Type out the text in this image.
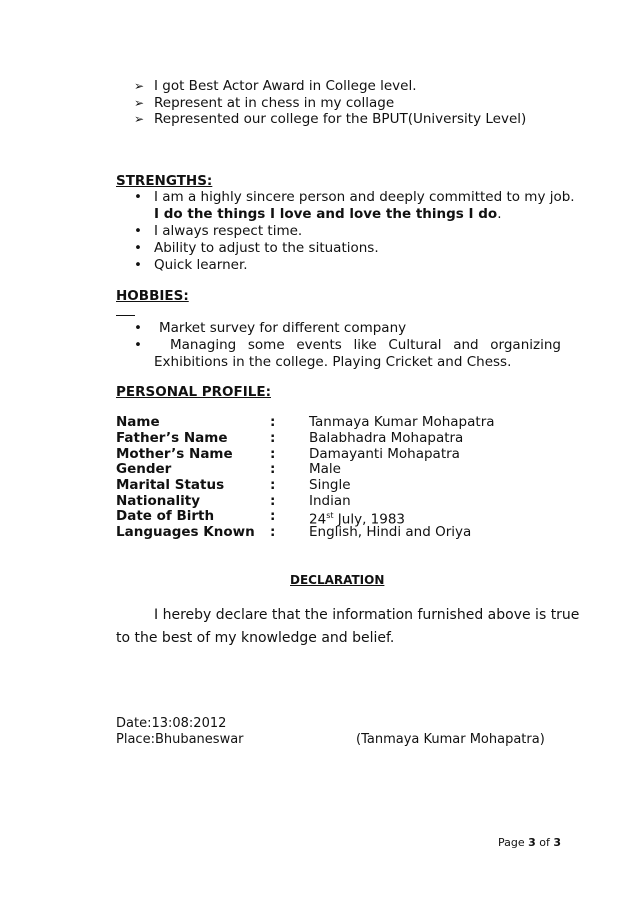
➢ I got Best Actor Award in College level.
➢ Represent at in chess in my collage
➢ Represented our college for the BPUT(University Level)
STRENGTHS:
• I am a highly sincere person and deeply committed to my job.
I do the things I love and love the things I do.
• I always respect time.
• Ability to adjust to the situations.
• Quick learner.
HOBBIES:
• Market survey for different company
• Managing some events like Cultural and organizing
Exhibitions in the college. Playing Cricket and Chess.
PERSONAL PROFILE:
Name	: Tanmaya Kumar Mohapatra
Father’s Name	: Balabhadra Mohapatra
Mother’s Name	: Damayanti Mohapatra
Gender	: Male
Marital Status	: Single
Nationality	: Indian
Date of Birth	: 24st July, 1983
Languages Known : English, Hindi and Oriya
DECLARATION
I hereby declare that the information furnished above is true
to the best of my knowledge and belief.
Date:13:08:2012
Place:Bhubaneswar	(Tanmaya Kumar Mohapatra)
Page 3 of 3
